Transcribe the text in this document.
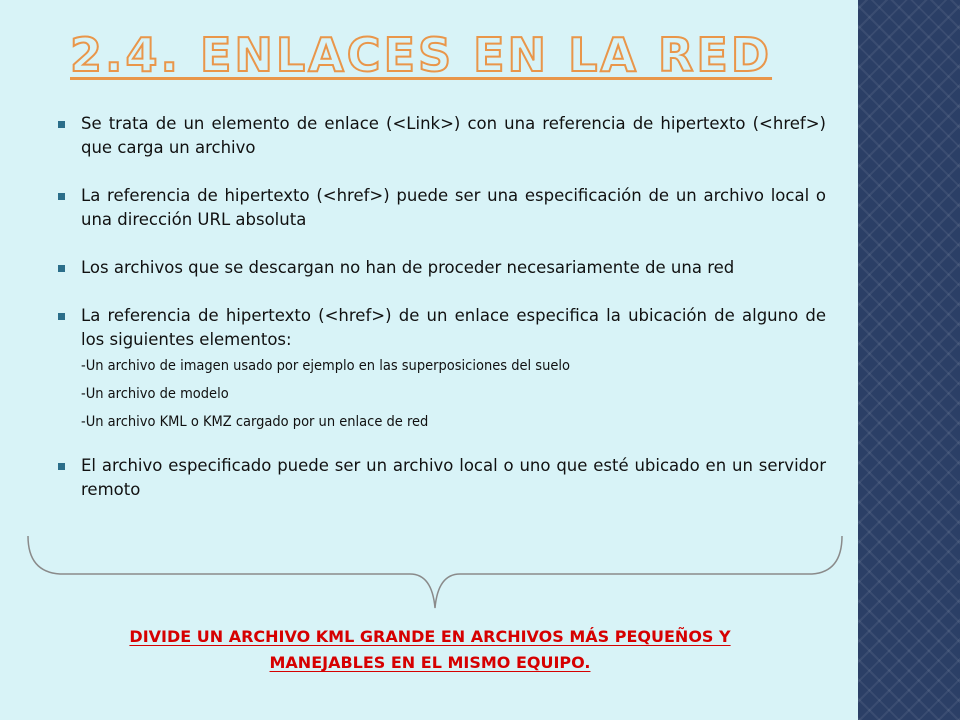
2.4. ENLACES EN LA RED
Se trata de un elemento de enlace (<Link>) con una referencia de hipertexto (<href>) que carga un archivo
La referencia de hipertexto (<href>) puede ser una especificación de un archivo local o una dirección URL absoluta
Los archivos que se descargan no han de proceder necesariamente de una red
La referencia de hipertexto (<href>) de un enlace especifica la ubicación de alguno de los siguientes elementos:
-Un archivo de imagen usado por ejemplo en las superposiciones del suelo
-Un archivo de modelo
-Un archivo KML o KMZ cargado por un enlace de red
El archivo especificado puede ser un archivo local o uno que esté ubicado en un servidor remoto
DIVIDE UN ARCHIVO KML GRANDE EN ARCHIVOS MÁS PEQUEÑOS Y
MANEJABLES EN EL MISMO EQUIPO.
